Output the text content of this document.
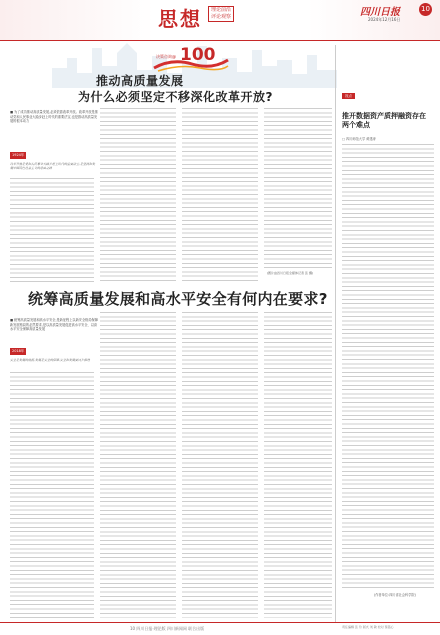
思想	理论前沿 评论观察	四川日报	10
2024年12月16日
100
决策咨询@
推动高质量发展
为什么必须坚定不移深化改革开放?
■ 为了成功推动高质量发展,必须依靠改革开放。改革开放是推动党和人民事业大踏步赶上时代的重要法宝,也是推动高质量发展的根本动力
1924年
改革开放是党和人民事业大踏步赶上时代的重要法宝,是坚持和发展中国特色社会主义的必由之路
(图片由四川日报全媒体记者 张 摄)
统筹高质量发展和高水平安全有何内在要求?
■ 统筹高质量发展和高水平安全,是新征程上以新安全格局保障新发展格局的必然要求,是以高质量发展促进高水平安全、以高水平安全保障高质量发展
2018年
安全是发展的前提,发展是安全的保障,安全和发展要同步推进
视点
推开数据资产质押融资存在两个难点
□ 四川师范大学 黄建涛
(作者单位:四川省社会科学院)
10 四川日报·理论版 四川新闻网 联合出版	责任编辑 张 玲 版式 刘 敏 校对 蔡铭心
